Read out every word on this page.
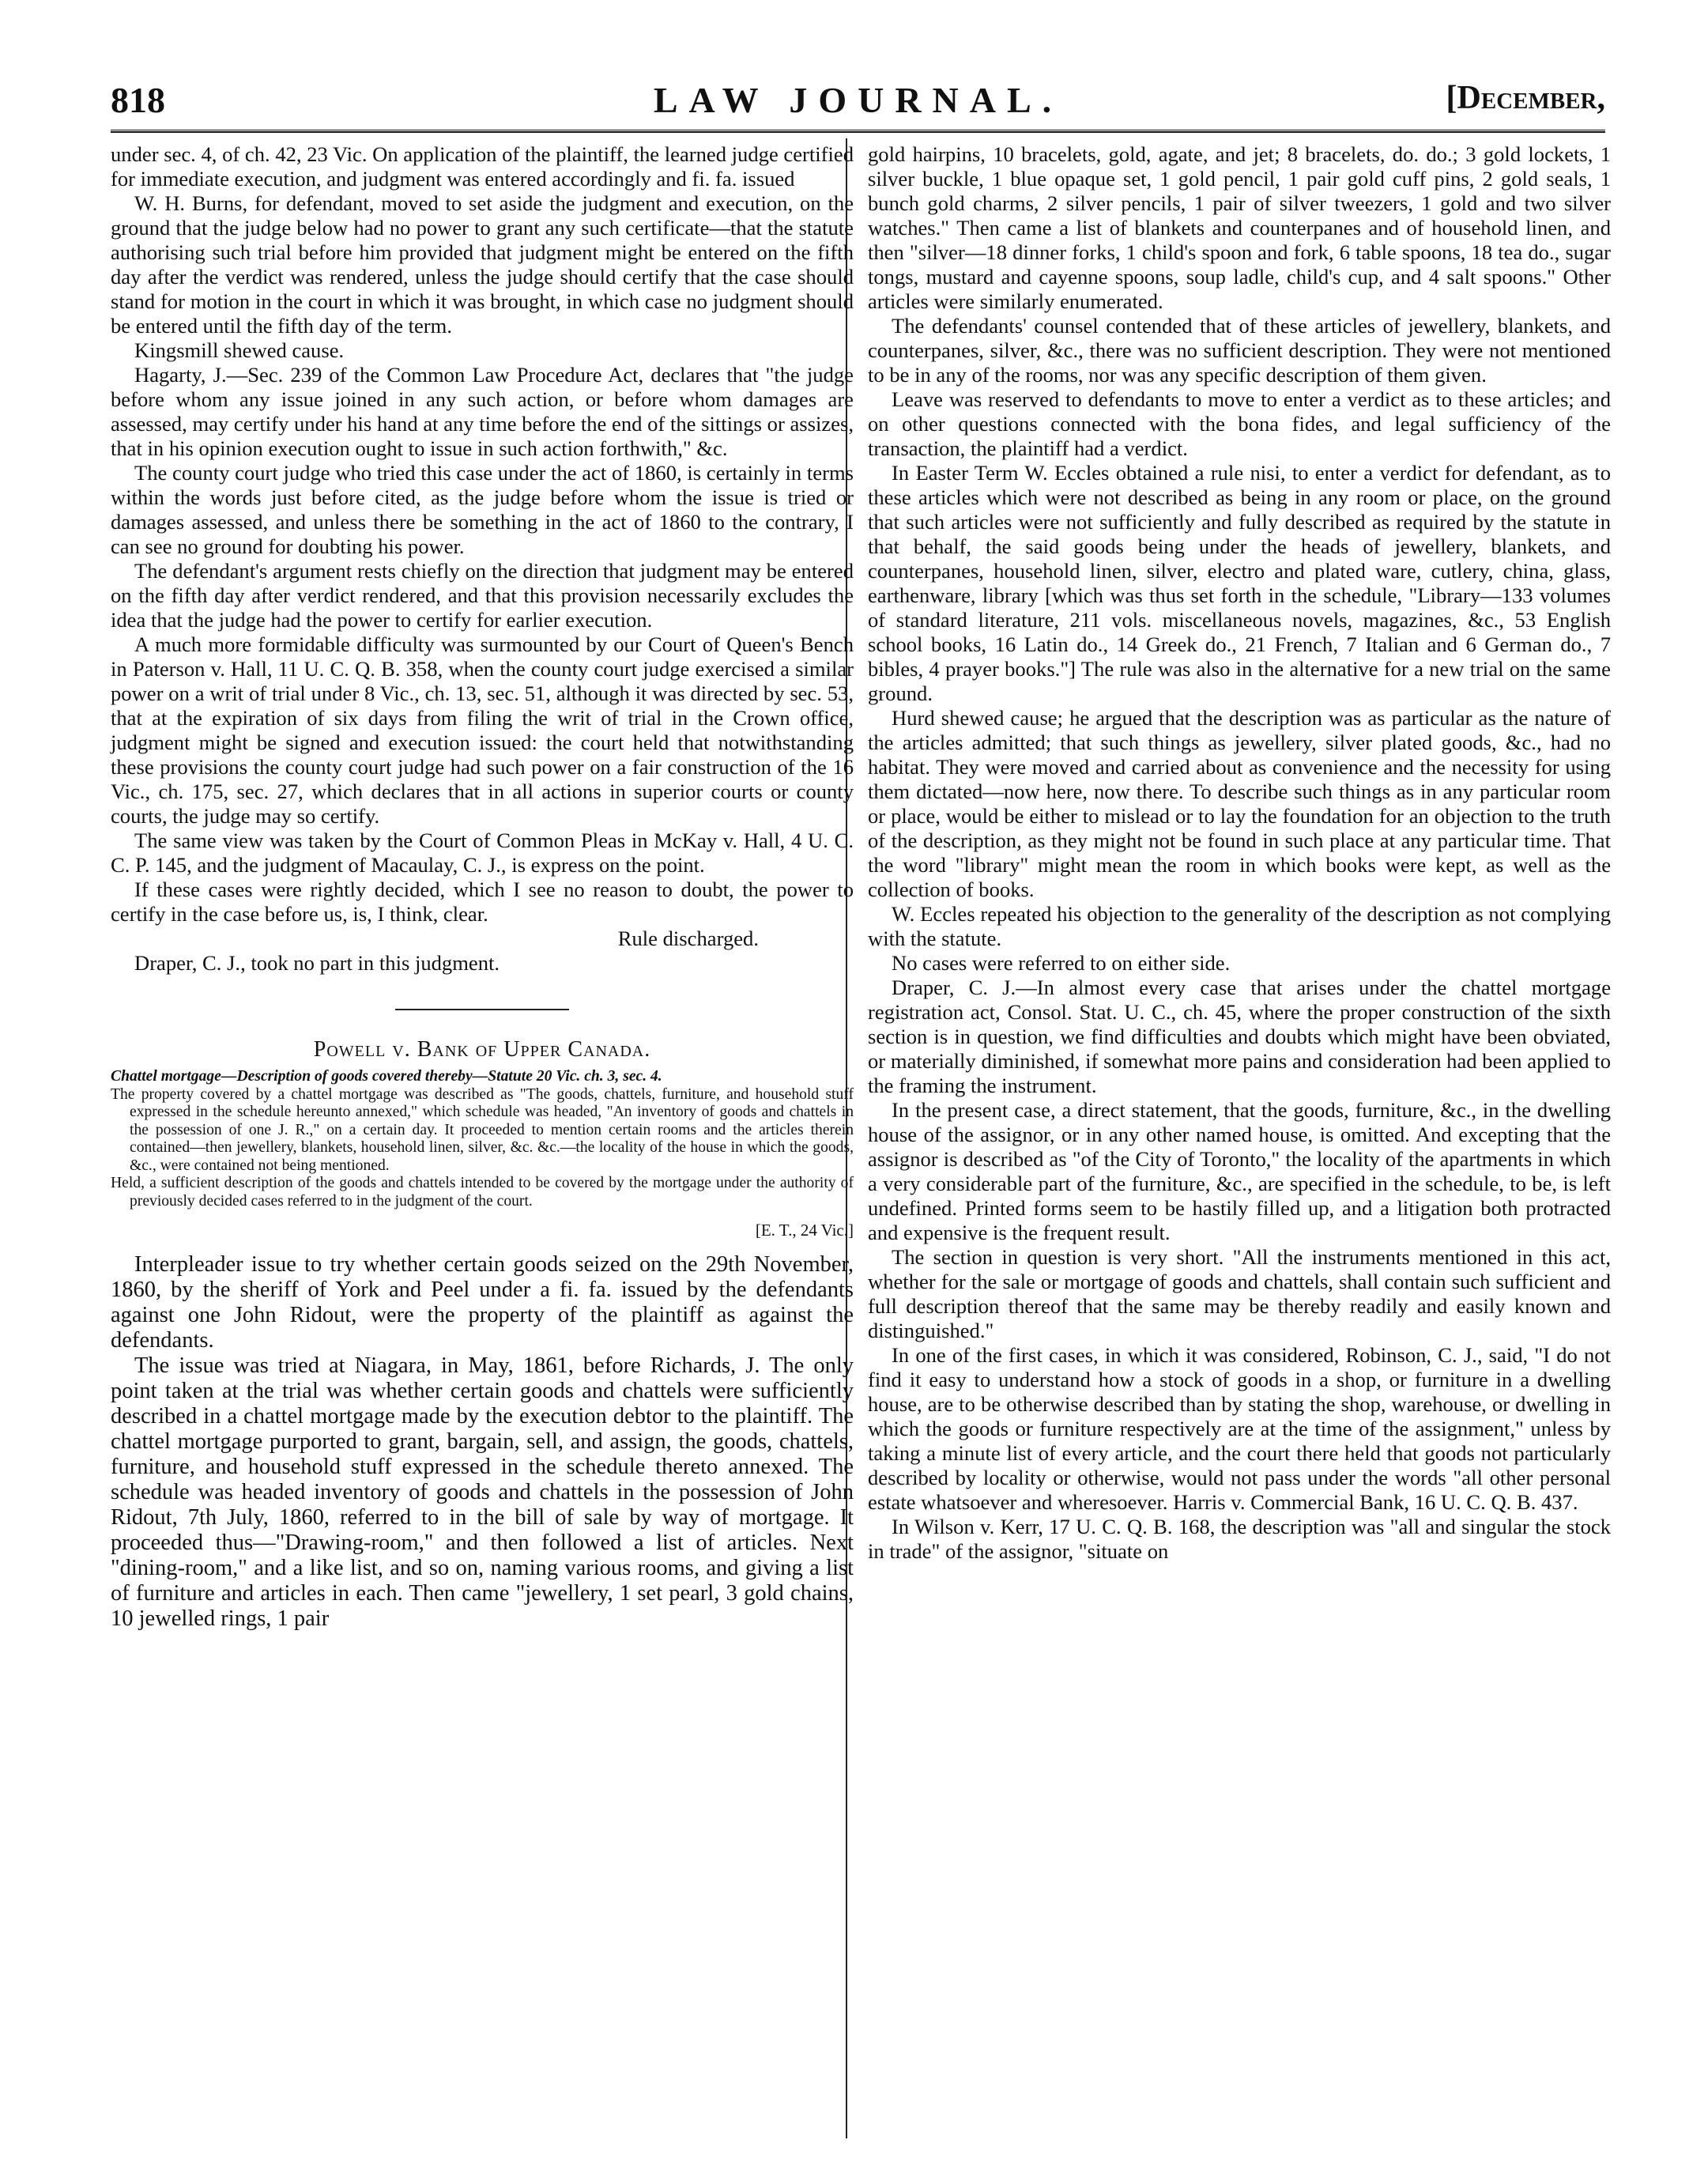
818	LAW JOURNAL.	[December,

under sec. 4, of ch. 42, 23 Vic. On application of the plaintiff, the learned judge certified for immediate execution, and judgment was entered accordingly and fi. fa. issued

W. H. Burns, for defendant, moved to set aside the judgment and execution, on the ground that the judge below had no power to grant any such certificate—that the statute authorising such trial before him provided that judgment might be entered on the fifth day after the verdict was rendered, unless the judge should certify that the case should stand for motion in the court in which it was brought, in which case no judgment should be entered until the fifth day of the term.

Kingsmill shewed cause.

Hagarty, J.—Sec. 239 of the Common Law Procedure Act, declares that "the judge before whom any issue joined in any such action, or before whom damages are assessed, may certify under his hand at any time before the end of the sittings or assizes, that in his opinion execution ought to issue in such action forthwith," &c.

The county court judge who tried this case under the act of 1860, is certainly in terms within the words just before cited, as the judge before whom the issue is tried or damages assessed, and unless there be something in the act of 1860 to the contrary, I can see no ground for doubting his power.

The defendant's argument rests chiefly on the direction that judgment may be entered on the fifth day after verdict rendered, and that this provision necessarily excludes the idea that the judge had the power to certify for earlier execution.

A much more formidable difficulty was surmounted by our Court of Queen's Bench in Paterson v. Hall, 11 U. C. Q. B. 358, when the county court judge exercised a similar power on a writ of trial under 8 Vic., ch. 13, sec. 51, although it was directed by sec. 53, that at the expiration of six days from filing the writ of trial in the Crown office, judgment might be signed and execution issued: the court held that notwithstanding these provisions the county court judge had such power on a fair construction of the 16 Vic., ch. 175, sec. 27, which declares that in all actions in superior courts or county courts, the judge may so certify.

The same view was taken by the Court of Common Pleas in McKay v. Hall, 4 U. C. C. P. 145, and the judgment of Macaulay, C. J., is express on the point.

If these cases were rightly decided, which I see no reason to doubt, the power to certify in the case before us, is, I think, clear.

Rule discharged.

Draper, C. J., took no part in this judgment.

Powell v. Bank of Upper Canada.

Chattel mortgage—Description of goods covered thereby—Statute 20 Vic. ch. 3, sec. 4.

The property covered by a chattel mortgage was described as "The goods, chattels, furniture, and household stuff expressed in the schedule hereunto annexed," which schedule was headed, "An inventory of goods and chattels in the possession of one J. R.," on a certain day. It proceeded to mention certain rooms and the articles therein contained—then jewellery, blankets, household linen, silver, &c. &c.—the locality of the house in which the goods, &c., were contained not being mentioned.

Held, a sufficient description of the goods and chattels intended to be covered by the mortgage under the authority of previously decided cases referred to in the judgment of the court.

[E. T., 24 Vic.]

Interpleader issue to try whether certain goods seized on the 29th November, 1860, by the sheriff of York and Peel under a fi. fa. issued by the defendants against one John Ridout, were the property of the plaintiff as against the defendants.

The issue was tried at Niagara, in May, 1861, before Richards, J. The only point taken at the trial was whether certain goods and chattels were sufficiently described in a chattel mortgage made by the execution debtor to the plaintiff. The chattel mortgage purported to grant, bargain, sell, and assign, the goods, chattels, furniture, and household stuff expressed in the schedule thereto annexed. The schedule was headed inventory of goods and chattels in the possession of John Ridout, 7th July, 1860, referred to in the bill of sale by way of mortgage. It proceeded thus—"Drawing-room," and then followed a list of articles. Next "dining-room," and a like list, and so on, naming various rooms, and giving a list of furniture and articles in each. Then came "jewellery, 1 set pearl, 3 gold chains, 10 jewelled rings, 1 pair

gold hairpins, 10 bracelets, gold, agate, and jet; 8 bracelets, do. do.; 3 gold lockets, 1 silver buckle, 1 blue opaque set, 1 gold pencil, 1 pair gold cuff pins, 2 gold seals, 1 bunch gold charms, 2 silver pencils, 1 pair of silver tweezers, 1 gold and two silver watches." Then came a list of blankets and counterpanes and of household linen, and then "silver—18 dinner forks, 1 child's spoon and fork, 6 table spoons, 18 tea do., sugar tongs, mustard and cayenne spoons, soup ladle, child's cup, and 4 salt spoons." Other articles were similarly enumerated.

The defendants' counsel contended that of these articles of jewellery, blankets, and counterpanes, silver, &c., there was no sufficient description. They were not mentioned to be in any of the rooms, nor was any specific description of them given.

Leave was reserved to defendants to move to enter a verdict as to these articles; and on other questions connected with the bona fides, and legal sufficiency of the transaction, the plaintiff had a verdict.

In Easter Term W. Eccles obtained a rule nisi, to enter a verdict for defendant, as to these articles which were not described as being in any room or place, on the ground that such articles were not sufficiently and fully described as required by the statute in that behalf, the said goods being under the heads of jewellery, blankets, and counterpanes, household linen, silver, electro and plated ware, cutlery, china, glass, earthenware, library [which was thus set forth in the schedule, "Library—133 volumes of standard literature, 211 vols. miscellaneous novels, magazines, &c., 53 English school books, 16 Latin do., 14 Greek do., 21 French, 7 Italian and 6 German do., 7 bibles, 4 prayer books."] The rule was also in the alternative for a new trial on the same ground.

Hurd shewed cause; he argued that the description was as particular as the nature of the articles admitted; that such things as jewellery, silver plated goods, &c., had no habitat. They were moved and carried about as convenience and the necessity for using them dictated—now here, now there. To describe such things as in any particular room or place, would be either to mislead or to lay the foundation for an objection to the truth of the description, as they might not be found in such place at any particular time. That the word "library" might mean the room in which books were kept, as well as the collection of books.

W. Eccles repeated his objection to the generality of the description as not complying with the statute.

No cases were referred to on either side.

Draper, C. J.—In almost every case that arises under the chattel mortgage registration act, Consol. Stat. U. C., ch. 45, where the proper construction of the sixth section is in question, we find difficulties and doubts which might have been obviated, or materially diminished, if somewhat more pains and consideration had been applied to the framing the instrument.

In the present case, a direct statement, that the goods, furniture, &c., in the dwelling house of the assignor, or in any other named house, is omitted. And excepting that the assignor is described as "of the City of Toronto," the locality of the apartments in which a very considerable part of the furniture, &c., are specified in the schedule, to be, is left undefined. Printed forms seem to be hastily filled up, and a litigation both protracted and expensive is the frequent result.

The section in question is very short. "All the instruments mentioned in this act, whether for the sale or mortgage of goods and chattels, shall contain such sufficient and full description thereof that the same may be thereby readily and easily known and distinguished."

In one of the first cases, in which it was considered, Robinson, C. J., said, "I do not find it easy to understand how a stock of goods in a shop, or furniture in a dwelling house, are to be otherwise described than by stating the shop, warehouse, or dwelling in which the goods or furniture respectively are at the time of the assignment," unless by taking a minute list of every article, and the court there held that goods not particularly described by locality or otherwise, would not pass under the words "all other personal estate whatsoever and wheresoever. Harris v. Commercial Bank, 16 U. C. Q. B. 437.

In Wilson v. Kerr, 17 U. C. Q. B. 168, the description was "all and singular the stock in trade" of the assignor, "situate on
